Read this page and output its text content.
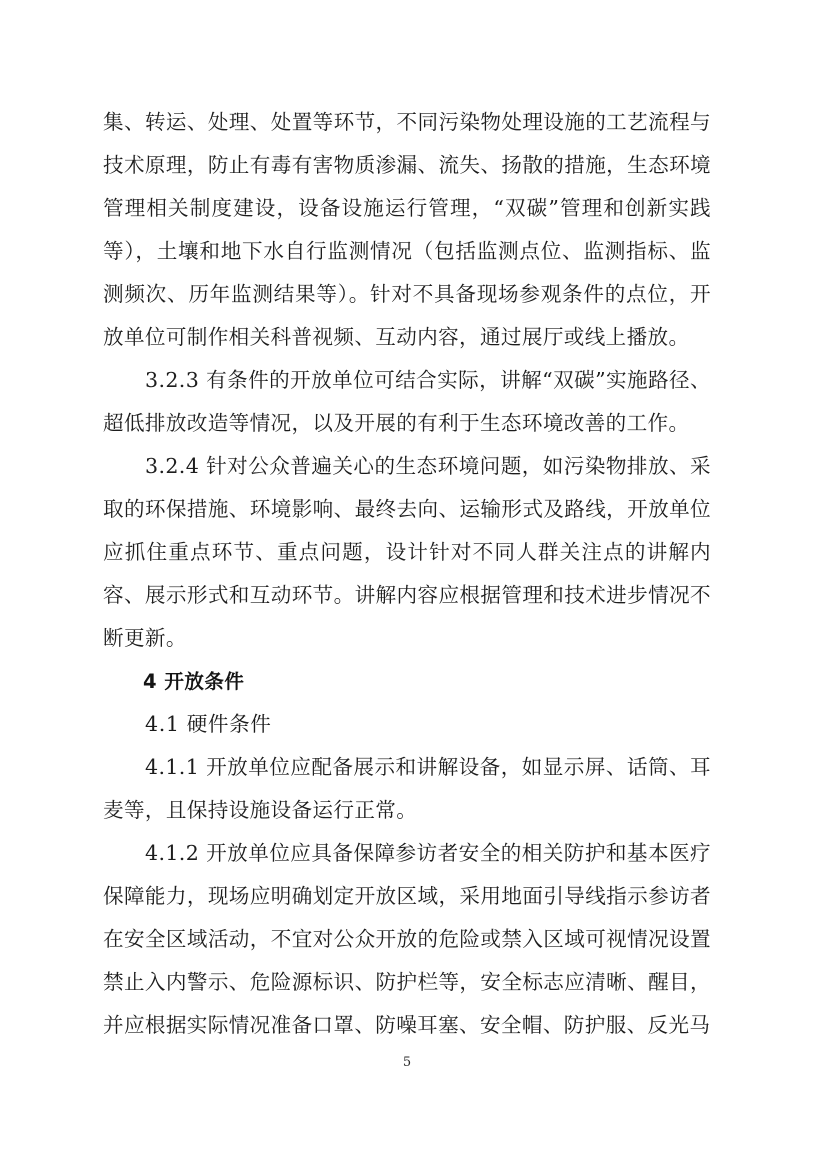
集、转运、处理、处置等环节，不同污染物处理设施的工艺流程与技术原理，防止有毒有害物质渗漏、流失、扬散的措施，生态环境管理相关制度建设，设备设施运行管理，“双碳”管理和创新实践等），土壤和地下水自行监测情况（包括监测点位、监测指标、监测频次、历年监测结果等）。针对不具备现场参观条件的点位，开放单位可制作相关科普视频、互动内容，通过展厅或线上播放。

3.2.3 有条件的开放单位可结合实际，讲解“双碳”实施路径、超低排放改造等情况，以及开展的有利于生态环境改善的工作。

3.2.4 针对公众普遍关心的生态环境问题，如污染物排放、采取的环保措施、环境影响、最终去向、运输形式及路线，开放单位应抓住重点环节、重点问题，设计针对不同人群关注点的讲解内容、展示形式和互动环节。讲解内容应根据管理和技术进步情况不断更新。

4 开放条件
4.1 硬件条件

4.1.1 开放单位应配备展示和讲解设备，如显示屏、话筒、耳麦等，且保持设施设备运行正常。

4.1.2 开放单位应具备保障参访者安全的相关防护和基本医疗保障能力，现场应明确划定开放区域，采用地面引导线指示参访者在安全区域活动，不宜对公众开放的危险或禁入区域可视情况设置禁止入内警示、危险源标识、防护栏等，安全标志应清晰、醒目，并应根据实际情况准备口罩、防噪耳塞、安全帽、防护服、反光马

5
